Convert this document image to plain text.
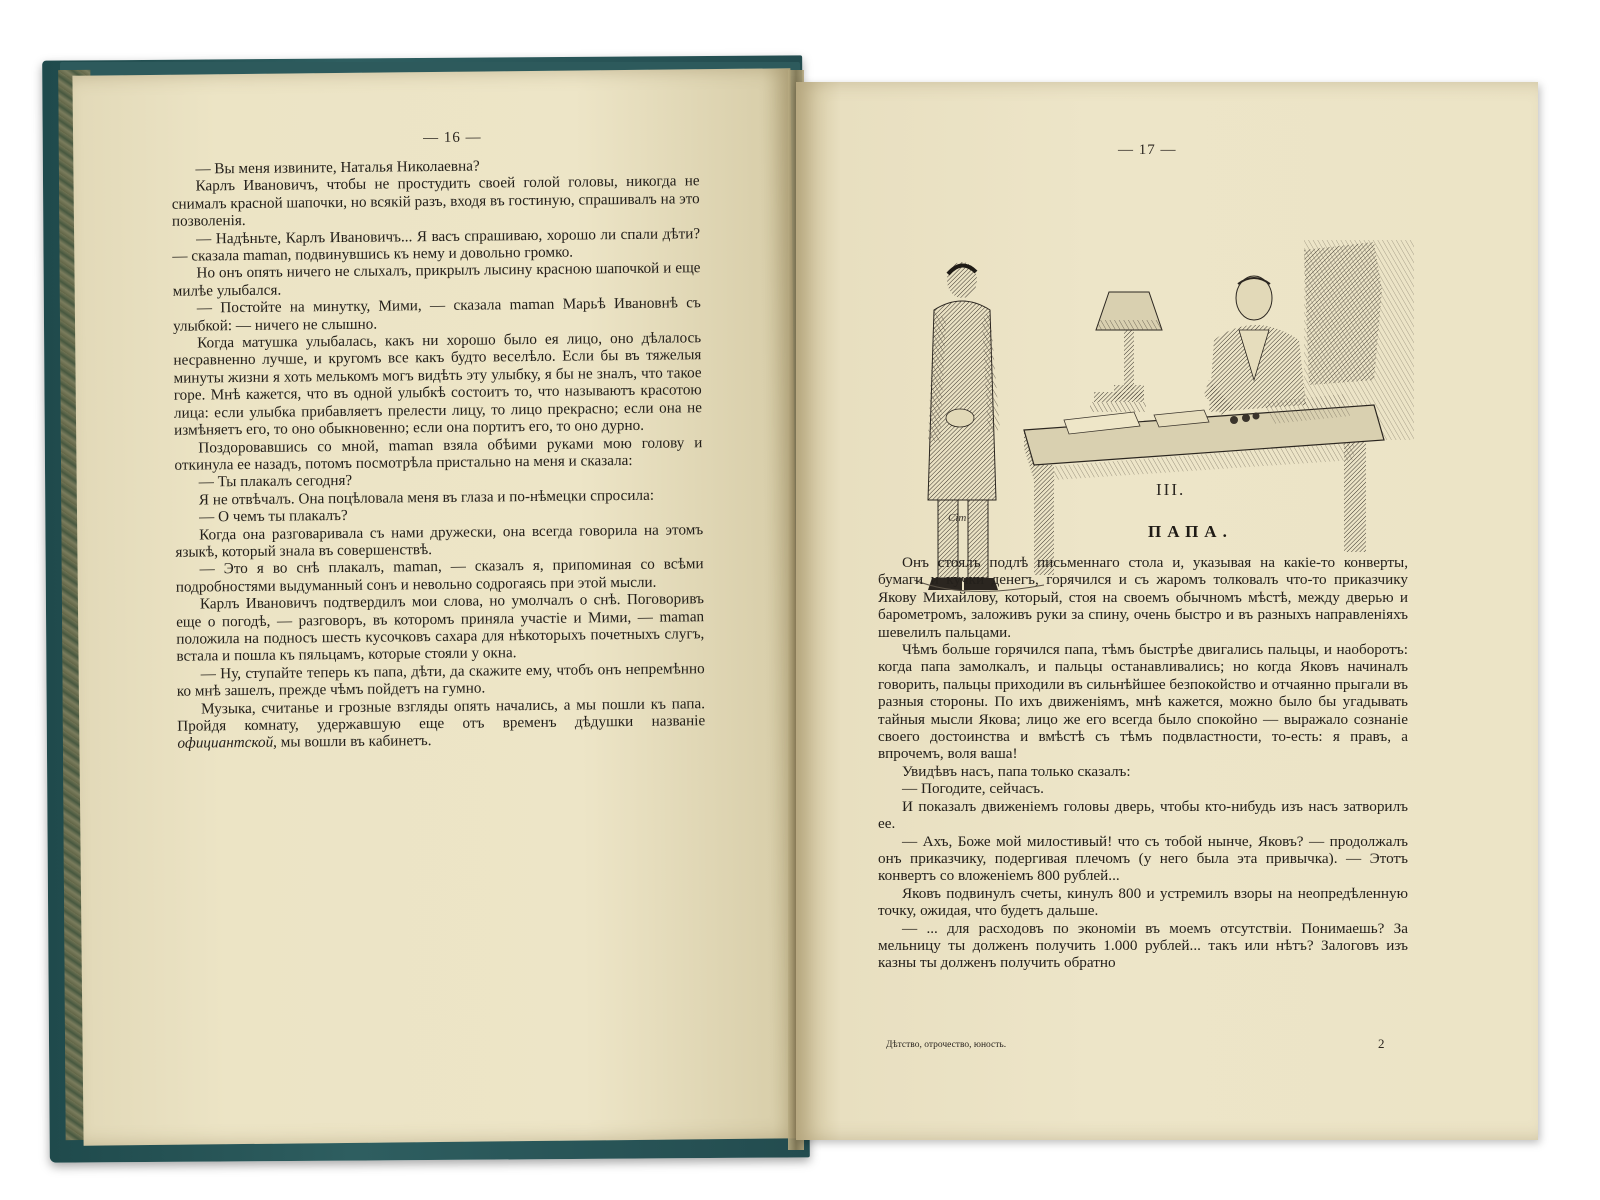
— 16 —

— Вы меня извините, Наталья Николаевна?

Карлъ Ивановичъ, чтобы не простудить своей голой головы, никогда не снималъ красной шапочки, но всякій разъ, входя въ гостиную, спрашивалъ на это позволенія.

— Надѣньте, Карлъ Ивановичъ... Я васъ спрашиваю, хорошо ли спали дѣти? — сказала maman, подвинувшись къ нему и довольно громко.

Но онъ опять ничего не слыхалъ, прикрылъ лысину красною шапочкой и еще милѣе улыбался.

— Постойте на минутку, Мими, — сказала maman Марьѣ Ивановнѣ съ улыбкой: — ничего не слышно.

Когда матушка улыбалась, какъ ни хорошо было ея лицо, оно дѣлалось несравненно лучше, и кругомъ все какъ будто веселѣло. Если бы въ тяжелыя минуты жизни я хоть мелькомъ могъ видѣть эту улыбку, я бы не зналъ, что такое горе. Мнѣ кажется, что въ одной улыбкѣ состоитъ то, что называютъ красотою лица: если улыбка прибавляетъ прелести лицу, то лицо прекрасно; если она не измѣняетъ его, то оно обыкновенно; если она портитъ его, то оно дурно.

Поздоровавшись со мной, maman взяла обѣими руками мою голову и откинула ее назадъ, потомъ посмотрѣла пристально на меня и сказала:

— Ты плакалъ сегодня?

Я не отвѣчалъ. Она поцѣловала меня въ глаза и по-нѣмецки спросила:

— О чемъ ты плакалъ?

Когда она разговаривала съ нами дружески, она всегда говорила на этомъ языкѣ, который знала въ совершенствѣ.

— Это я во снѣ плакалъ, maman, — сказалъ я, припоминая со всѣми подробностями выдуманный сонъ и невольно содрогаясь при этой мысли.

Карлъ Ивановичъ подтвердилъ мои слова, но умолчалъ о снѣ. Поговоривъ еще о погодѣ, — разговоръ, въ которомъ приняла участіе и Мими, — maman положила на подносъ шесть кусочковъ сахара для нѣкоторыхъ почетныхъ слугъ, встала и пошла къ пяльцамъ, которые стояли у окна.

— Ну, ступайте теперь къ папа, дѣти, да скажите ему, чтобъ онъ непремѣнно ко мнѣ зашелъ, прежде чѣмъ пойдетъ на гумно.

Музыка, считанье и грозные взгляды опять начались, а мы пошли къ папа. Пройдя комнату, удержавшую еще отъ временъ дѣдушки названіе официантской, мы вошли въ кабинетъ.

— 17 —
Сіт
III.
ПАПА.

Онъ стоялъ подлѣ письменнаго стола и, указывая на какіе-то конверты, бумаги и кучки денегъ, горячился и съ жаромъ толковалъ что-то приказчику Якову Михайлову, который, стоя на своемъ обычномъ мѣстѣ, между дверью и барометромъ, заложивъ руки за спину, очень быстро и въ разныхъ направленіяхъ шевелилъ пальцами.

Чѣмъ больше горячился папа, тѣмъ быстрѣе двигались пальцы, и наоборотъ: когда папа замолкалъ, и пальцы останавливались; но когда Яковъ начиналъ говорить, пальцы приходили въ сильнѣйшее безпокойство и отчаянно прыгали въ разныя стороны. По ихъ движеніямъ, мнѣ кажется, можно было бы угадывать тайныя мысли Якова; лицо же его всегда было спокойно — выражало сознаніе своего достоинства и вмѣстѣ съ тѣмъ подвластности, то-есть: я правъ, а впрочемъ, воля ваша!

Увидѣвъ насъ, папа только сказалъ:

— Погодите, сейчасъ.

И показалъ движеніемъ головы дверь, чтобы кто-нибудь изъ насъ затворилъ ее.

— Ахъ, Боже мой милостивый! что съ тобой нынче, Яковъ? — продолжалъ онъ приказчику, подергивая плечомъ (у него была эта привычка). — Этотъ конвертъ со вложеніемъ 800 рублей...

Яковъ подвинулъ счеты, кинулъ 800 и устремилъ взоры на неопредѣленную точку, ожидая, что будетъ дальше.

— ... для расходовъ по экономіи въ моемъ отсутствіи. Понимаешь? За мельницу ты долженъ получить 1.000 рублей... такъ или нѣтъ? Залоговъ изъ казны ты долженъ получить обратно

Дѣтство, отрочество, юность.	2
